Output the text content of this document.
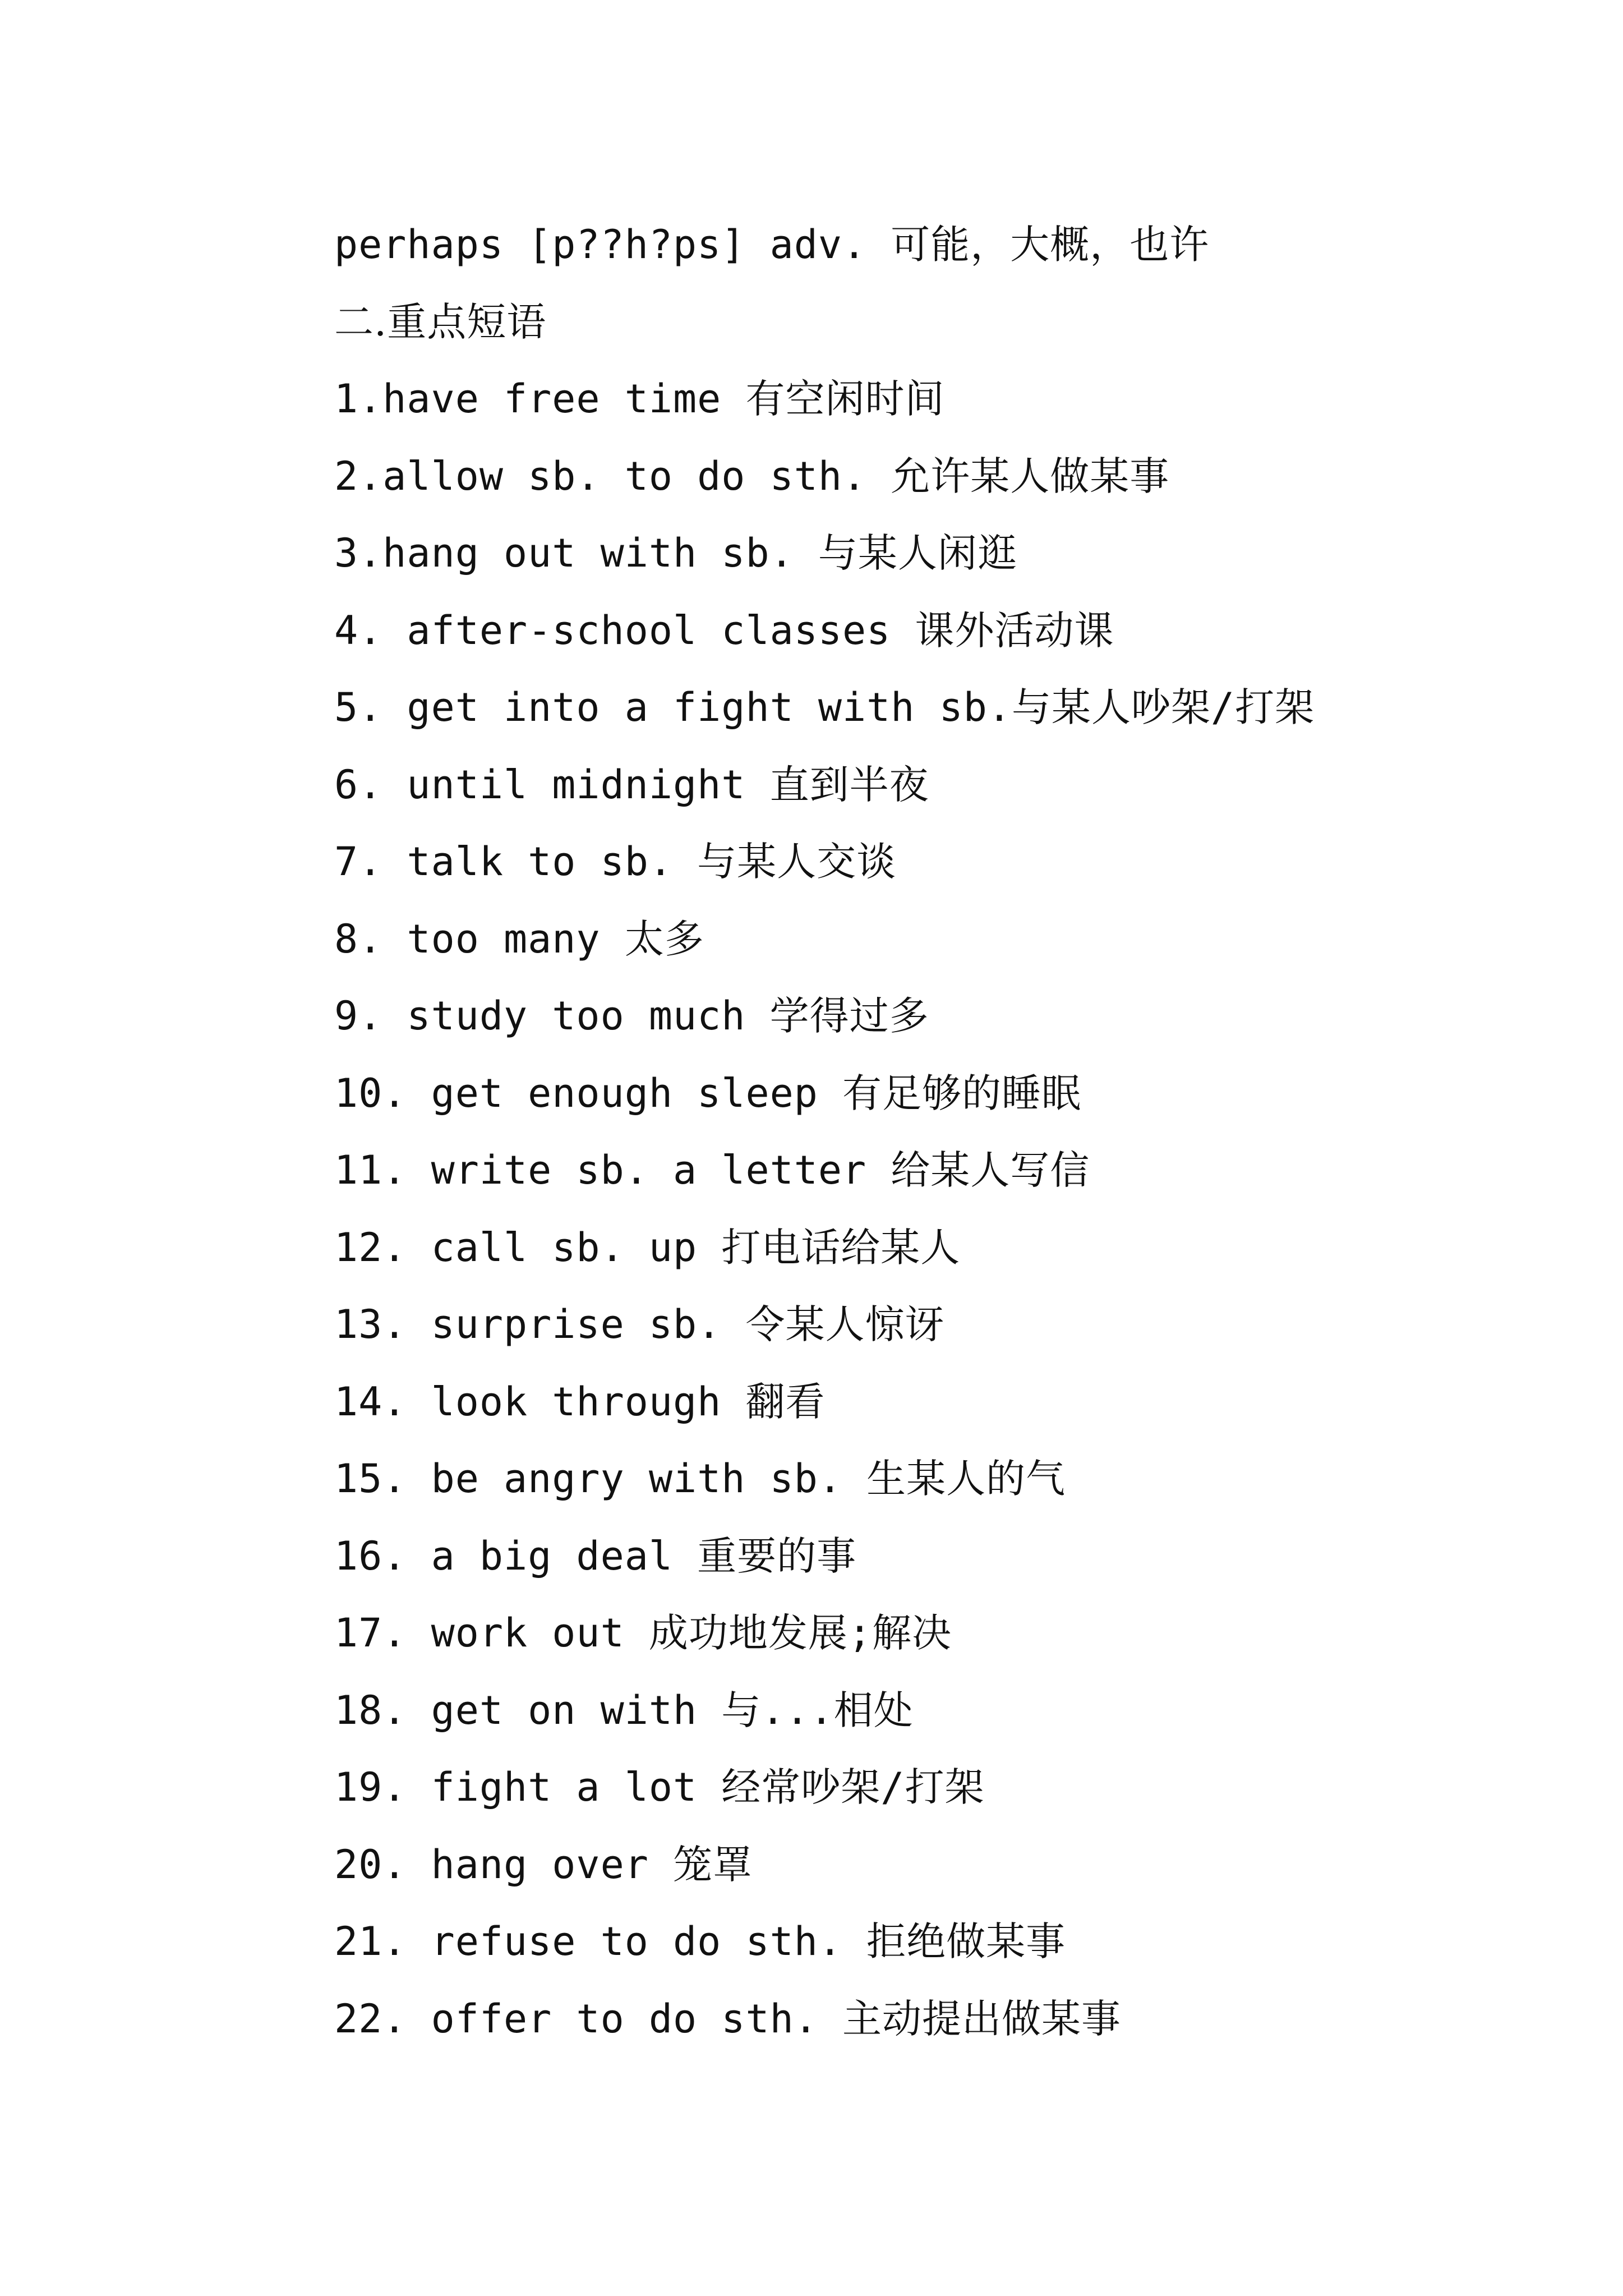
perhaps [p??h?ps] adv. 可能，大概，也许
二.重点短语
1.have free time 有空闲时间
2.allow sb. to do sth. 允许某人做某事
3.hang out with sb. 与某人闲逛
4. after-school classes 课外活动课
5. get into a fight with sb.与某人吵架/打架
6. until midnight 直到半夜
7. talk to sb. 与某人交谈
8. too many 太多
9. study too much 学得过多
10. get enough sleep 有足够的睡眠
11. write sb. a letter 给某人写信
12. call sb. up 打电话给某人
13. surprise sb. 令某人惊讶
14. look through 翻看
15. be angry with sb. 生某人的气
16. a big deal 重要的事
17. work out 成功地发展;解决
18. get on with 与...相处
19. fight a lot 经常吵架/打架
20. hang over 笼罩
21. refuse to do sth. 拒绝做某事
22. offer to do sth. 主动提出做某事
